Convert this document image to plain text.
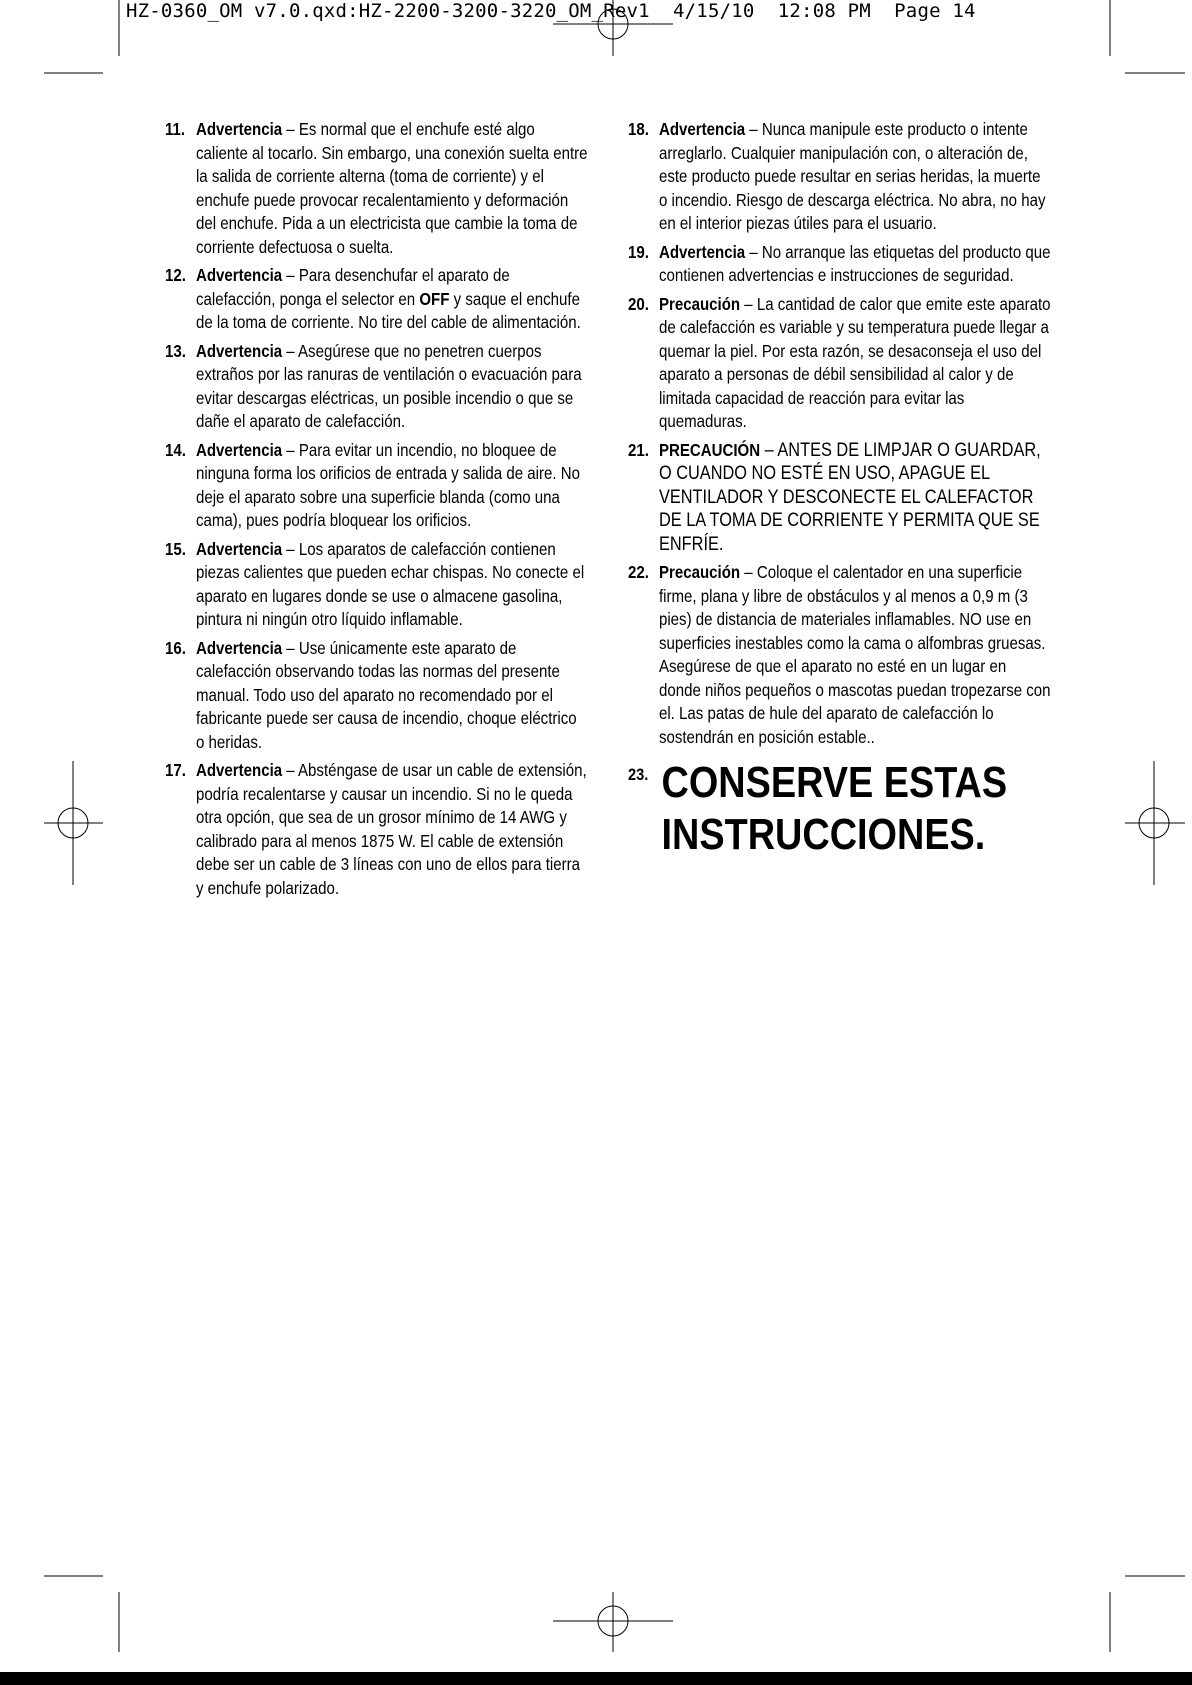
HZ-0360_OM v7.0.qxd:HZ-2200-3200-3220_OM_Rev1  4/15/10  12:08 PM  Page 14
11. Advertencia – Es normal que el enchufe esté algo caliente al tocarlo. Sin embargo, una conexión suelta entre la salida de corriente alterna (toma de corriente) y el enchufe puede provocar recalentamiento y deformación del enchufe. Pida a un electricista que cambie la toma de corriente defectuosa o suelta.
12. Advertencia – Para desenchufar el aparato de calefacción, ponga el selector en OFF y saque el enchufe de la toma de corriente. No tire del cable de alimentación.
13. Advertencia – Asegúrese que no penetren cuerpos extraños por las ranuras de ventilación o evacuación para evitar descargas eléctricas, un posible incendio o que se dañe el aparato de calefacción.
14. Advertencia – Para evitar un incendio, no bloquee de ninguna forma los orificios de entrada y salida de aire. No deje el aparato sobre una superficie blanda (como una cama), pues podría bloquear los orificios.
15. Advertencia – Los aparatos de calefacción contienen piezas calientes que pueden echar chispas. No conecte el aparato en lugares donde se use o almacene gasolina, pintura ni ningún otro líquido inflamable.
16. Advertencia – Use únicamente este aparato de calefacción observando todas las normas del presente manual. Todo uso del aparato no recomendado por el fabricante puede ser causa de incendio, choque eléctrico o heridas.
17. Advertencia – Absténgase de usar un cable de extensión, podría recalentarse y causar un incendio. Si no le queda otra opción, que sea de un grosor mínimo de 14 AWG y calibrado para al menos 1875 W. El cable de extensión debe ser un cable de 3 líneas con uno de ellos para tierra y enchufe polarizado.
18. Advertencia – Nunca manipule este producto o intente arreglarlo. Cualquier manipulación con, o alteración de, este producto puede resultar en serias heridas, la muerte o incendio. Riesgo de descarga eléctrica. No abra, no hay en el interior piezas útiles para el usuario.
19. Advertencia – No arranque las etiquetas del producto que contienen advertencias e instrucciones de seguridad.
20. Precaución – La cantidad de calor que emite este aparato de calefacción es variable y su temperatura puede llegar a quemar la piel. Por esta razón, se desaconseja el uso del aparato a personas de débil sensibilidad al calor y de limitada capacidad de reacción para evitar las quemaduras.
21. PRECAUCIÓN – ANTES DE LIMPJAR O GUARDAR, O CUANDO NO ESTÉ EN USO, APAGUE EL VENTILADOR Y DESCONECTE EL CALEFACTOR DE LA TOMA DE CORRIENTE Y PERMITA QUE SE ENFRÍE.
22. Precaución – Coloque el calentador en una superficie firme, plana y libre de obstáculos y al menos a 0,9 m (3 pies) de distancia de materiales inflamables. NO use en superficies inestables como la cama o alfombras gruesas. Asegúrese de que el aparato no esté en un lugar en donde niños pequeños o mascotas puedan tropezarse con el. Las patas de hule del aparato de calefacción lo sostendrán en posición estable..
23. CONSERVE ESTAS INSTRUCCIONES.
